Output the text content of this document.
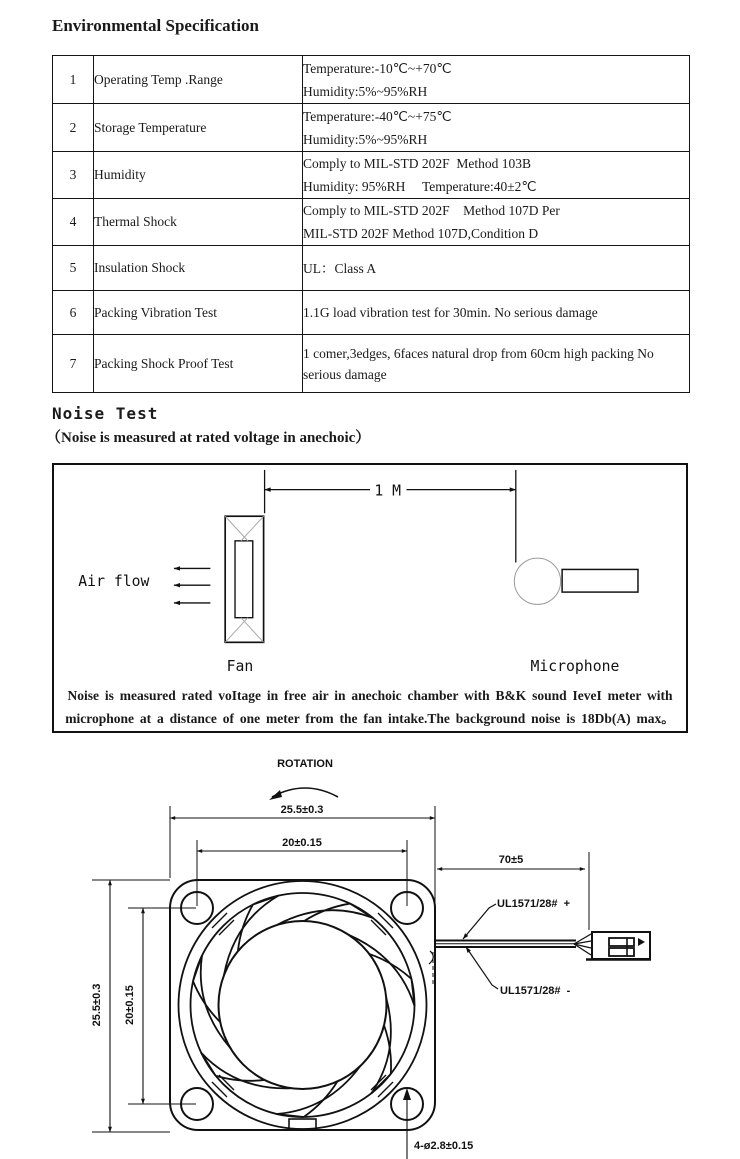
Environmental Specification
1	Operating Temp .Range	Temperature:-10℃~+70℃
Humidity:5%~95%RH

2	Storage Temperature	Temperature:-40℃~+75℃
Humidity:5%~95%RH

3	Humidity	Comply to MIL-STD 202F  Method 103B
Humidity: 95%RH     Temperature:40±2℃

4	Thermal Shock	Comply to MIL-STD 202F    Method 107D Per
MIL-STD 202F Method 107D,Condition D

5	Insulation Shock	UL：Class A

6	Packing Vibration Test	1.1G load vibration test for 30min. No serious damage

7	Packing Shock Proof Test	1 comer,3edges, 6faces natural drop from 60cm high packing No serious damage
Noise Test
（Noise is measured at rated voltage in anechoic）
1 M
Air flow
Fan	Microphone
Noise is measured rated voItage in free air in anechoic chamber with B&K sound IeveI meter with
microphone at a distance of one meter from the fan intake.The background noise is 18Db(A) max。
ROTATION
25.5±0.3
20±0.15
70±5
25.5±0.3 20±0.15
4-ø2.8±0.15
UL1571/28#  +
UL1571/28#  -
